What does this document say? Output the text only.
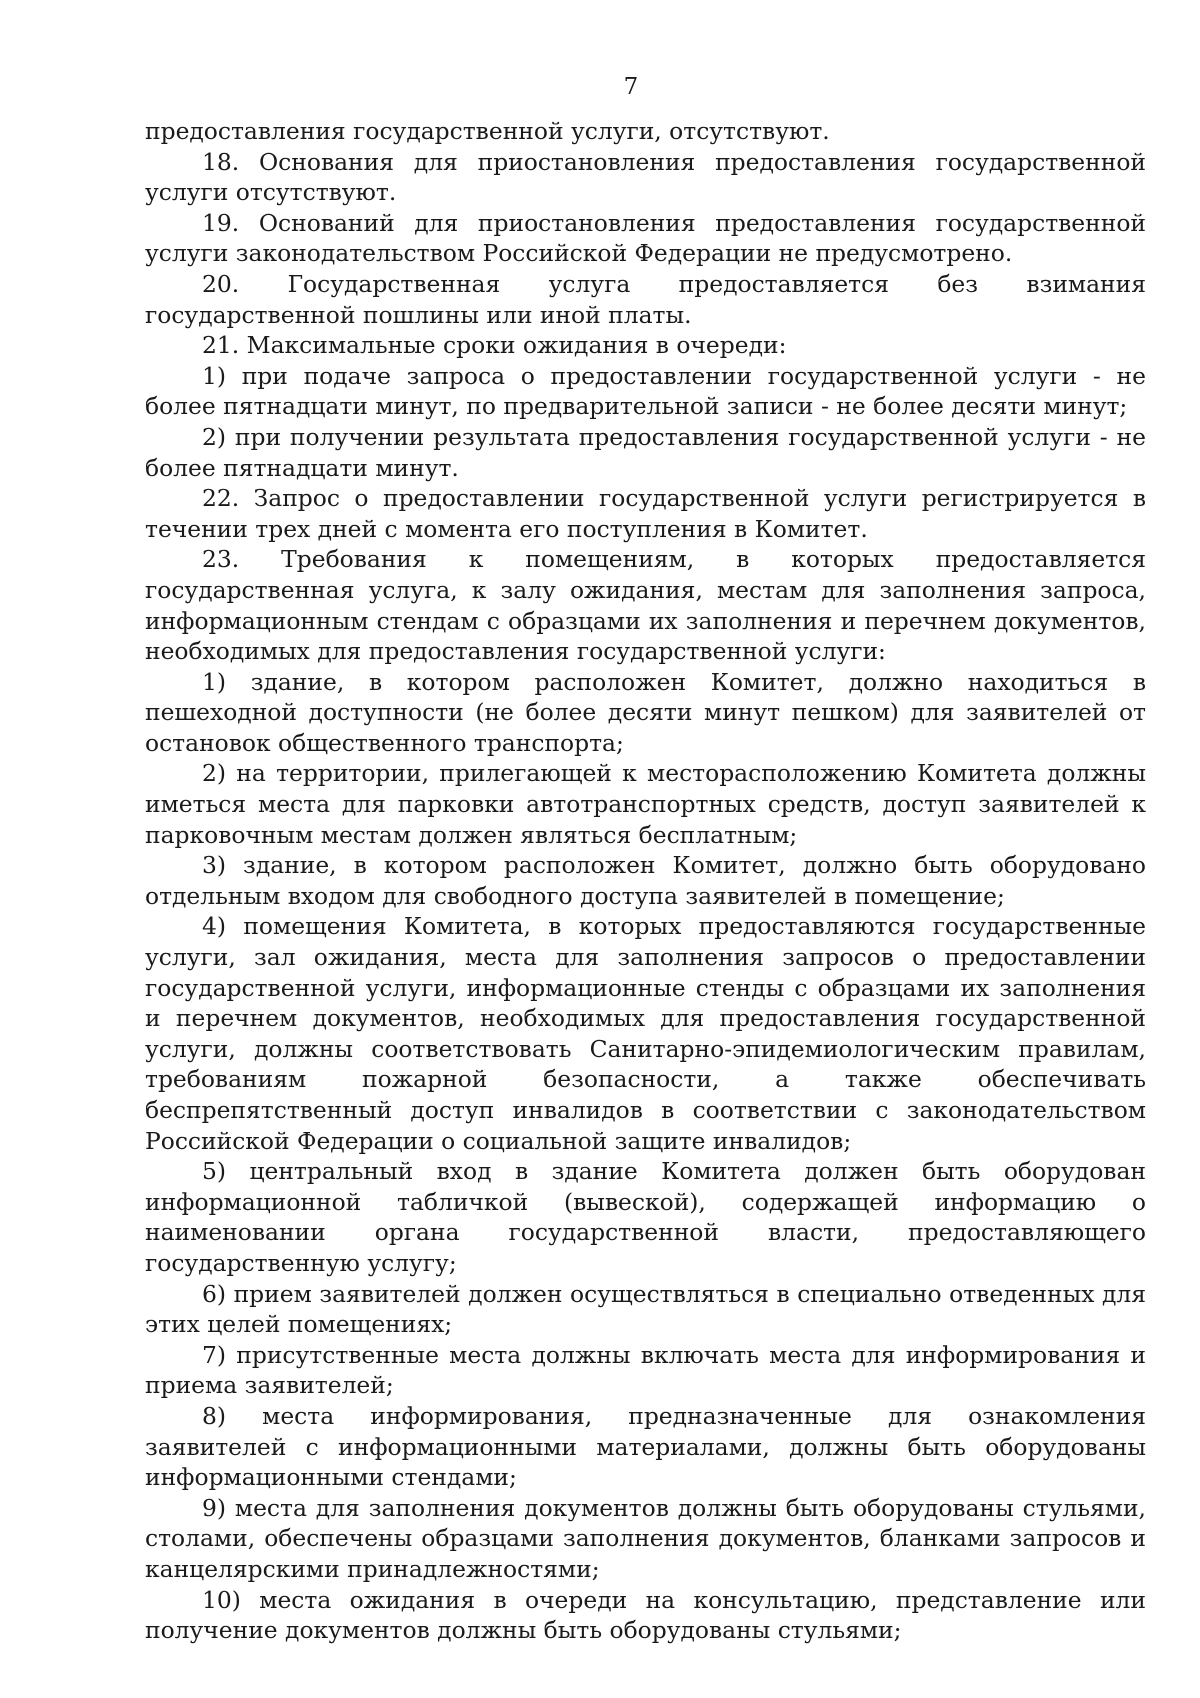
7

предоставления государственной услуги, отсутствуют.

18. Основания для приостановления предоставления государственной услуги отсутствуют.

19. Оснований для приостановления предоставления государственной услуги законодательством Российской Федерации не предусмотрено.

20. Государственная услуга предоставляется без взимания государственной пошлины или иной платы.

21. Максимальные сроки ожидания в очереди:

1) при подаче запроса о предоставлении государственной услуги - не более пятнадцати минут, по предварительной записи - не более десяти минут;

2) при получении результата предоставления государственной услуги - не более пятнадцати минут.

22. Запрос о предоставлении государственной услуги регистрируется в течении трех дней с момента его поступления в Комитет.

23. Требования к помещениям, в которых предоставляется государственная услуга, к залу ожидания, местам для заполнения запроса, информационным стендам с образцами их заполнения и перечнем документов, необходимых для предоставления государственной услуги:

1) здание, в котором расположен Комитет, должно находиться в пешеходной доступности (не более десяти минут пешком) для заявителей от остановок общественного транспорта;

2) на территории, прилегающей к месторасположению Комитета должны иметься места для парковки автотранспортных средств, доступ заявителей к парковочным местам должен являться бесплатным;

3) здание, в котором расположен Комитет, должно быть оборудовано отдельным входом для свободного доступа заявителей в помещение;

4) помещения Комитета, в которых предоставляются государственные услуги, зал ожидания, места для заполнения запросов о предоставлении государственной услуги, информационные стенды с образцами их заполнения и перечнем документов, необходимых для предоставления государственной услуги, должны соответствовать Санитарно-эпидемиологическим правилам, требованиям пожарной безопасности, а также обеспечивать беспрепятственный доступ инвалидов в соответствии с законодательством Российской Федерации о социальной защите инвалидов;

5) центральный вход в здание Комитета должен быть оборудован информационной табличкой (вывеской), содержащей информацию о наименовании органа государственной власти, предоставляющего государственную услугу;

6) прием заявителей должен осуществляться в специально отведенных для этих целей помещениях;

7) присутственные места должны включать места для информирования и приема заявителей;

8) места информирования, предназначенные для ознакомления заявителей с информационными материалами, должны быть оборудованы информационными стендами;

9) места для заполнения документов должны быть оборудованы стульями, столами, обеспечены образцами заполнения документов, бланками запросов и канцелярскими принадлежностями;

10) места ожидания в очереди на консультацию, представление или получение документов должны быть оборудованы стульями;
